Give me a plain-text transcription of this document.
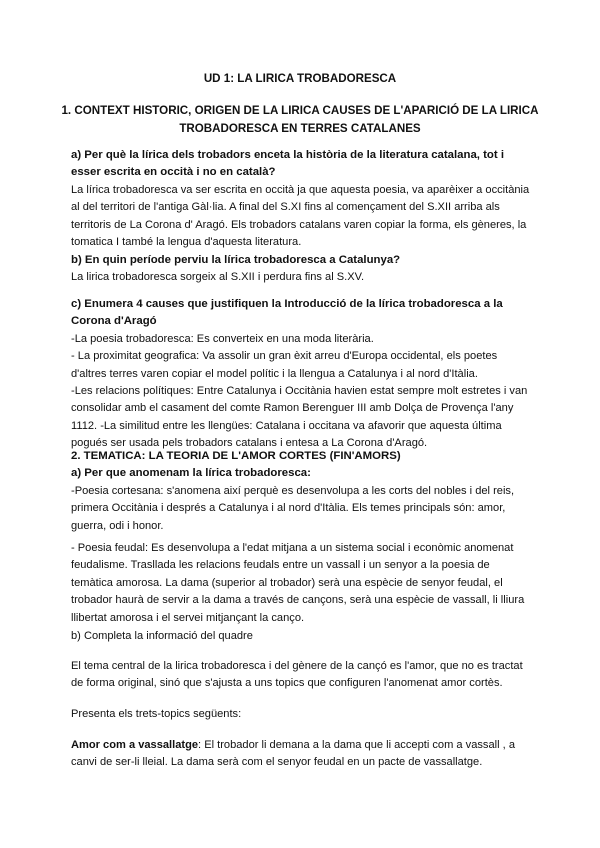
UD 1: LA LIRICA TROBADORESCA
1. CONTEXT HISTORIC, ORIGEN DE LA LIRICA CAUSES DE L'APARICIÓ DE LA LIRICA TROBADORESCA EN TERRES CATALANES

a) Per què la lírica dels trobadors enceta la història de la literatura catalana, tot i esser escrita en occità i no en català?

La lírica trobadoresca va ser escrita en occità ja que aquesta poesia, va aparèixer a occitània al del territori de l'antiga Gàl·lia. A final del S.XI fins al començament del S.XII arriba als territoris de La Corona d' Aragó. Els trobadors catalans varen copiar la forma, els gèneres, la tomatica I també la lengua d'aquesta literatura.

b) En quin període perviu la lírica trobadoresca a Catalunya?

La lirica trobadoresca sorgeix al S.XII i perdura fins al S.XV.

c) Enumera 4 causes que justifiquen la Introducció de la lírica trobadoresca a la Corona d'Aragó

-La poesia trobadoresca: Es converteix en una moda literària.

- La proximitat geografica: Va assolir un gran èxit arreu d'Europa occidental, els poetes d'altres terres varen copiar el model polític i la llengua a Catalunya i al nord d'Itàlia.

-Les relacions polítiques: Entre Catalunya i Occitània havien estat sempre molt estretes i van consolidar amb el casament del comte Ramon Berenguer III amb Dolça de Provença l'any 1112. -La similitud entre les llengües: Catalana i occitana va afavorir que aquesta última pogués ser usada pels trobadors catalans i entesa a La Corona d'Aragó.

2. TEMATICA: LA TEORIA DE L'AMOR CORTES (FIN'AMORS)

a) Per que anomenam la lírica trobadoresca:

-Poesia cortesana: s'anomena així perquè es desenvolupa a les corts del nobles i del reis, primera Occitània i després a Catalunya i al nord d'Itàlia. Els temes principals són: amor, guerra, odi i honor.

- Poesia feudal: Es desenvolupa a l'edat mitjana a un sistema social i econòmic anomenat feudalisme. Trasllada les relacions feudals entre un vassall i un senyor a la poesia de temàtica amorosa. La dama (superior al trobador) serà una espècie de senyor feudal, el trobador haurà de servir a la dama a través de cançons, serà una espècie de vassall, li lliura llibertat amorosa i el servei mitjançant la canço.

b) Completa la informació del quadre

El tema central de la lirica trobadoresca i del gènere de la cançó es l'amor, que no es tractat de forma original, sinó que s'ajusta a uns topics que configuren l'anomenat amor cortès.

Presenta els trets-topics següents:

Amor com a vassallatge: El trobador li demana a la dama que li accepti com a vassall , a canvi de ser-li lleial. La dama serà com el senyor feudal en un pacte de vassallatge.
